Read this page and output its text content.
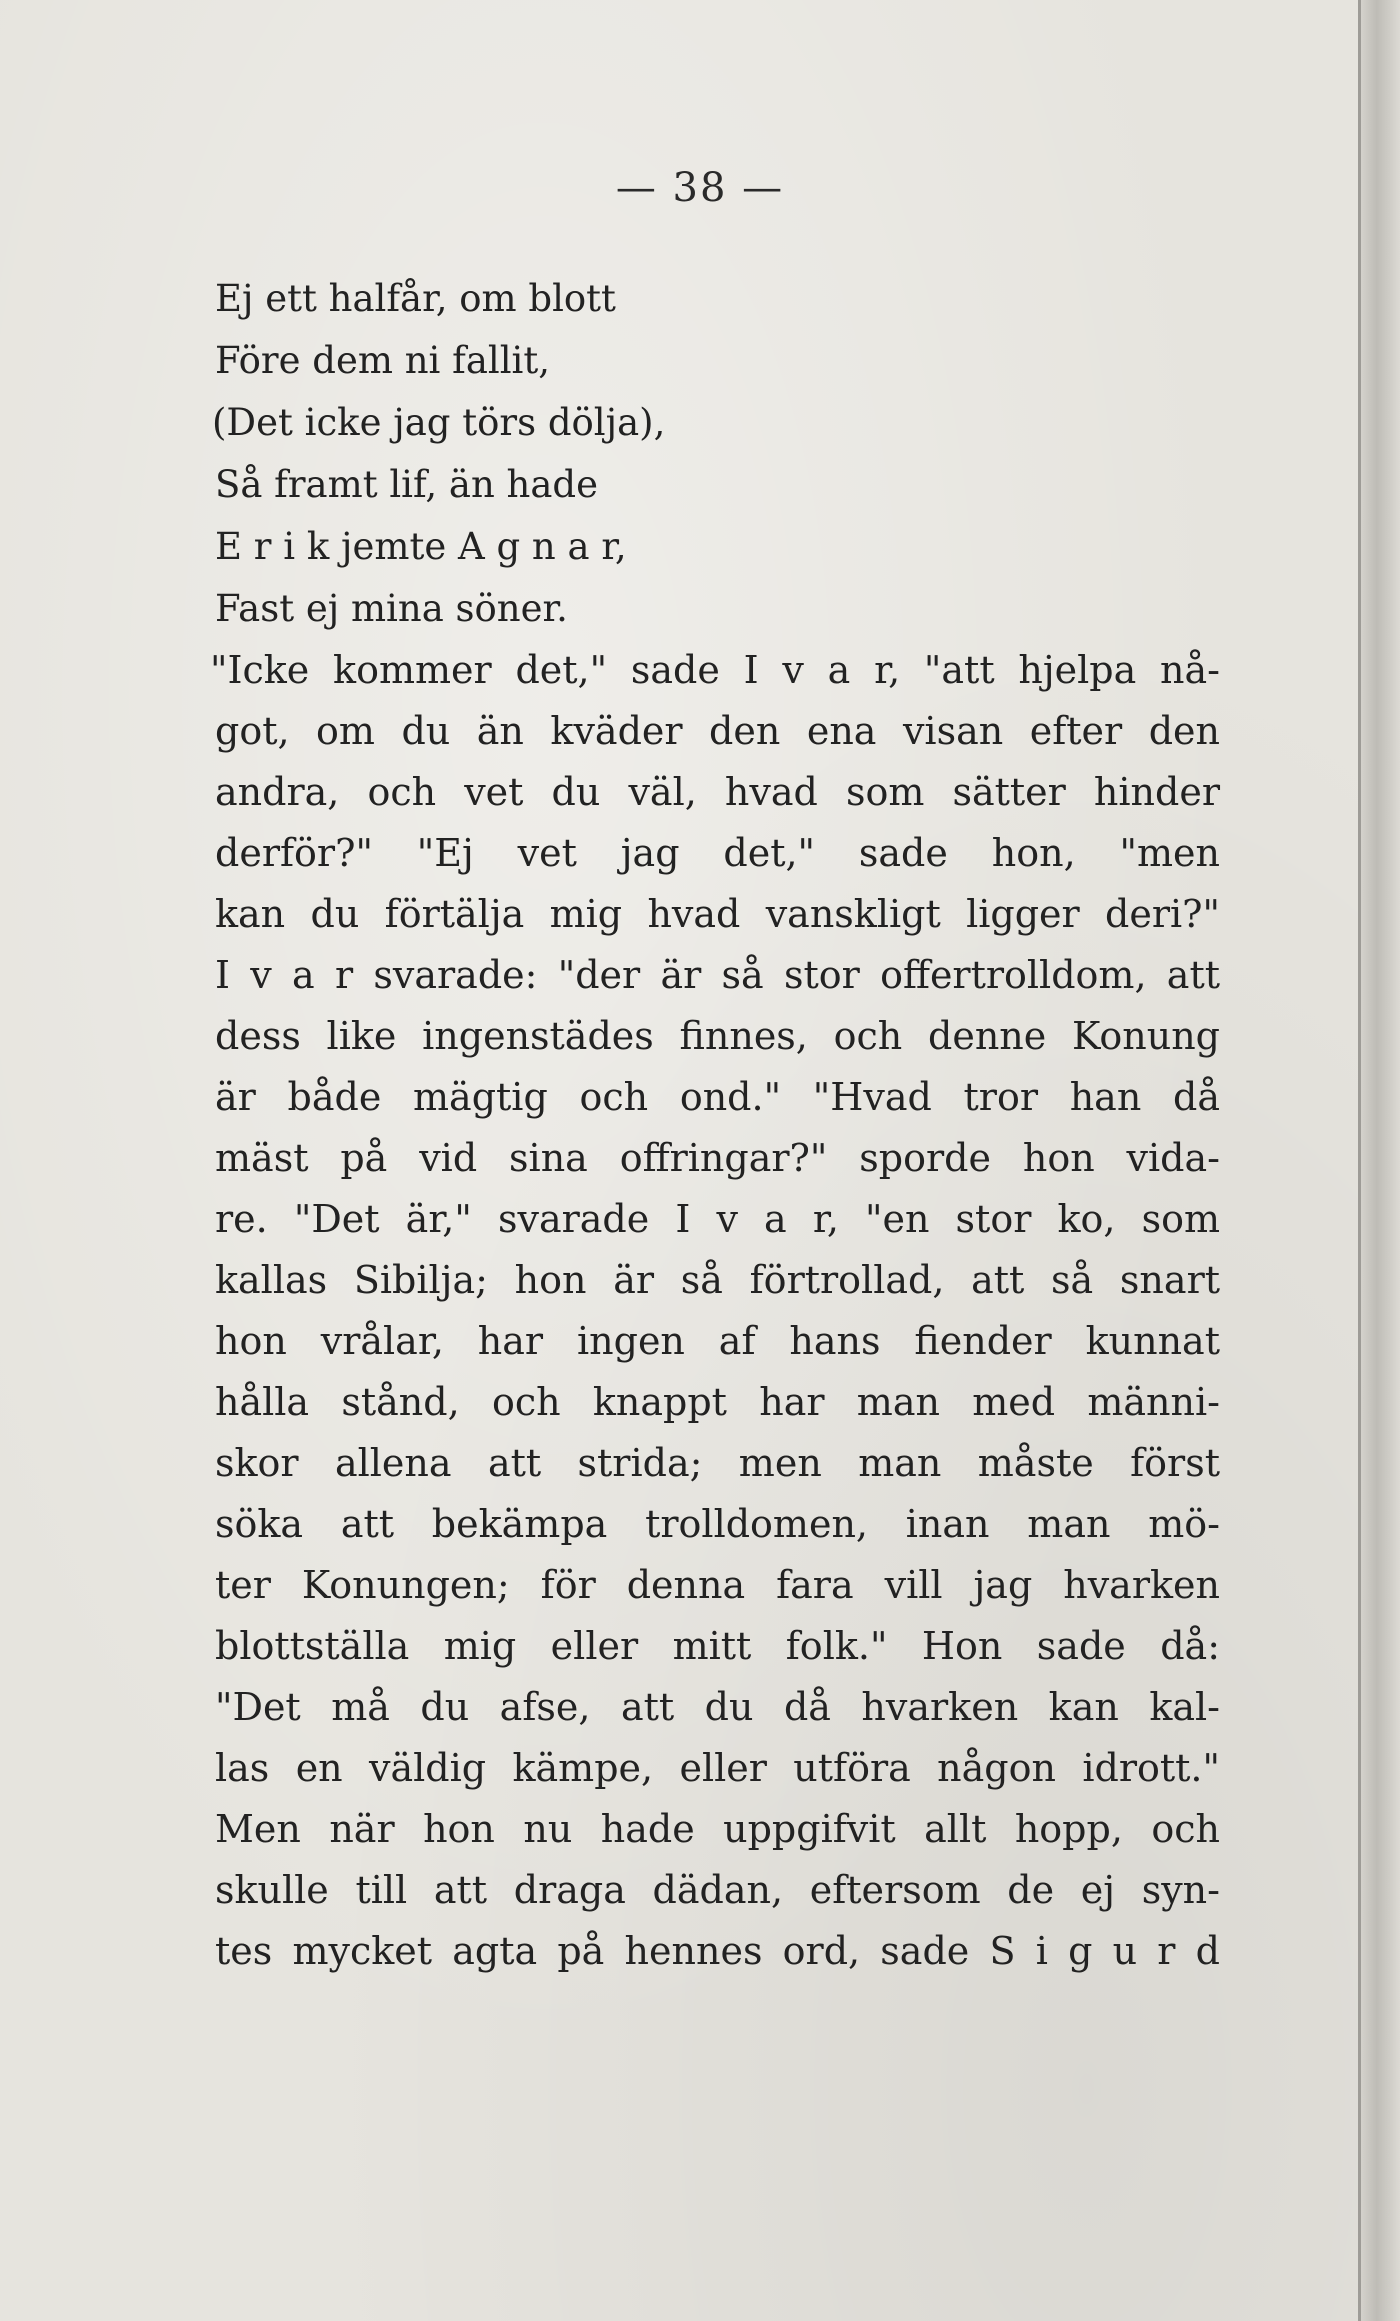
— 38 —
Ej ett halfår, om blott
Före dem ni fallit,
(Det icke jag törs dölja),
Så framt lif, än hade
E r i k jemte A g n a r,
Fast ej mina söner.
"Icke kommer det," sade I v a r, "att hjelpa nå-
got, om du än kväder den ena visan efter den
andra, och vet du väl, hvad som sätter hinder
derför?" "Ej vet jag det," sade hon, "men
kan du förtälja mig hvad vanskligt ligger deri?"
I v a r svarade: "der är så stor offertrolldom, att
dess like ingenstädes finnes, och denne Konung
är både mägtig och ond." "Hvad tror han då
mäst på vid sina offringar?" sporde hon vida-
re. "Det är," svarade I v a r, "en stor ko, som
kallas Sibilja; hon är så förtrollad, att så snart
hon vrålar, har ingen af hans fiender kunnat
hålla stånd, och knappt har man med männi-
skor allena att strida; men man måste först
söka att bekämpa trolldomen, inan man mö-
ter Konungen; för denna fara vill jag hvarken
blottställa mig eller mitt folk." Hon sade då:
"Det må du afse, att du då hvarken kan kal-
las en väldig kämpe, eller utföra någon idrott."
Men när hon nu hade uppgifvit allt hopp, och
skulle till att draga dädan, eftersom de ej syn-
tes mycket agta på hennes ord, sade S i g u r d
